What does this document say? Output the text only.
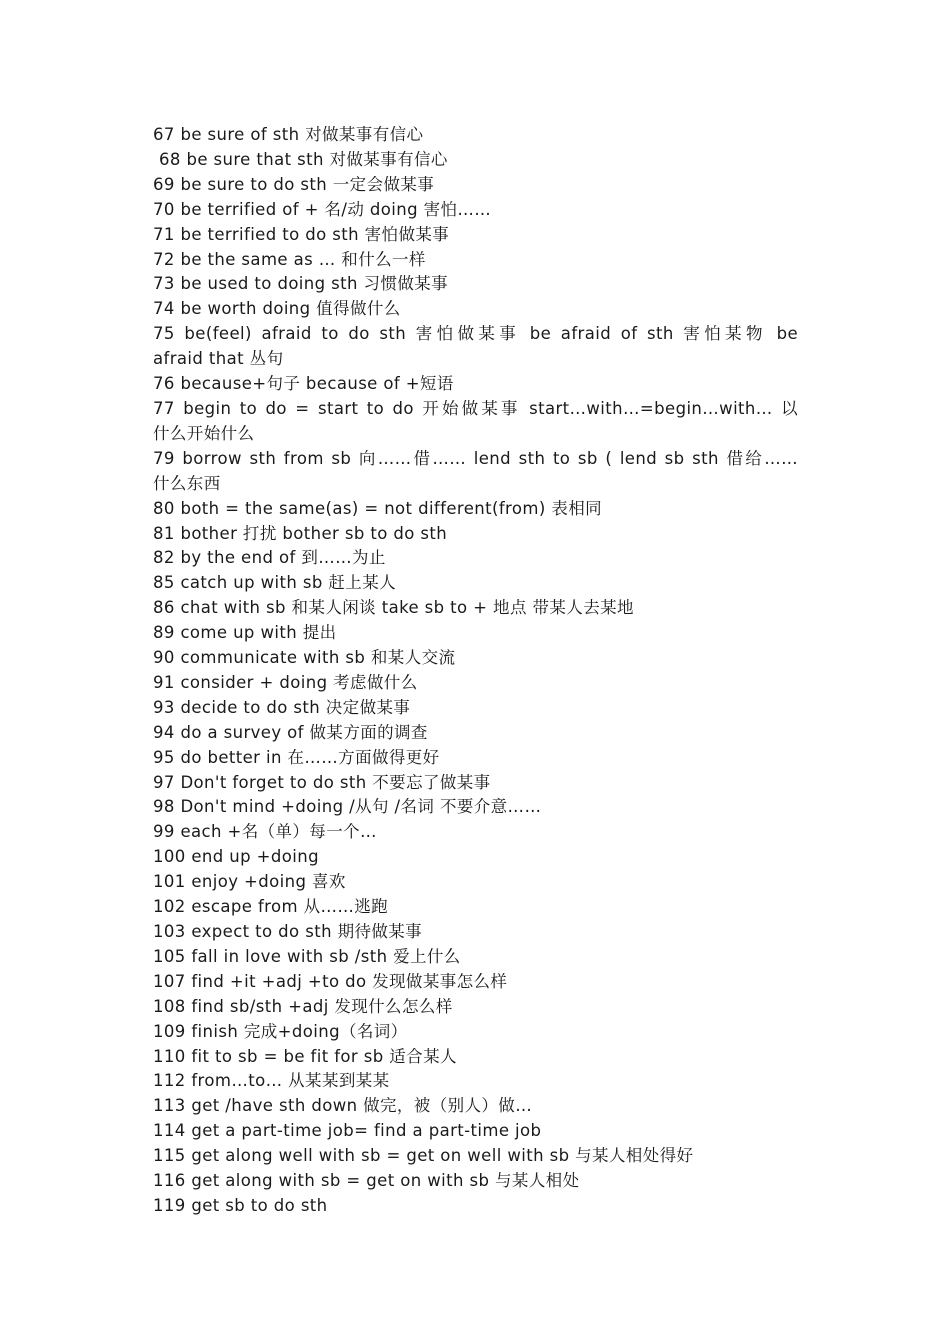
67 be sure of sth 对做某事有信心

68 be sure that sth 对做某事有信心

69 be sure to do sth 一定会做某事

70 be terrified of + 名/动 doing 害怕……

71 be terrified to do sth 害怕做某事

72 be the same as … 和什么一样

73 be used to doing sth 习惯做某事

74 be worth doing 值得做什么

75 be(feel) afraid to do sth 害怕做某事 be afraid of sth 害怕某物 be

afraid that 丛句

76 because+句子 because of +短语

77 begin to do = start to do 开始做某事 start…with…=begin…with… 以

什么开始什么

79 borrow sth from sb 向……借…… lend sth to sb ( lend sb sth 借给……

什么东西

80 both = the same(as) = not different(from) 表相同

81 bother 打扰 bother sb to do sth

82 by the end of 到……为止

85 catch up with sb 赶上某人

86 chat with sb 和某人闲谈 take sb to + 地点 带某人去某地

89 come up with 提出

90 communicate with sb 和某人交流

91 consider + doing 考虑做什么

93 decide to do sth 决定做某事

94 do a survey of 做某方面的调查

95 do better in 在……方面做得更好

97 Don't forget to do sth 不要忘了做某事

98 Don't mind +doing /从句 /名词 不要介意……

99 each +名（单）每一个…

100 end up +doing

101 enjoy +doing 喜欢

102 escape from 从……逃跑

103 expect to do sth 期待做某事

105 fall in love with sb /sth 爱上什么

107 find +it +adj +to do 发现做某事怎么样

108 find sb/sth +adj 发现什么怎么样

109 finish 完成+doing（名词）

110 fit to sb = be fit for sb 适合某人

112 from…to… 从某某到某某

113 get /have sth down 做完，被（别人）做…

114 get a part-time job= find a part-time job

115 get along well with sb = get on well with sb 与某人相处得好

116 get along with sb = get on with sb 与某人相处

119 get sb to do sth
